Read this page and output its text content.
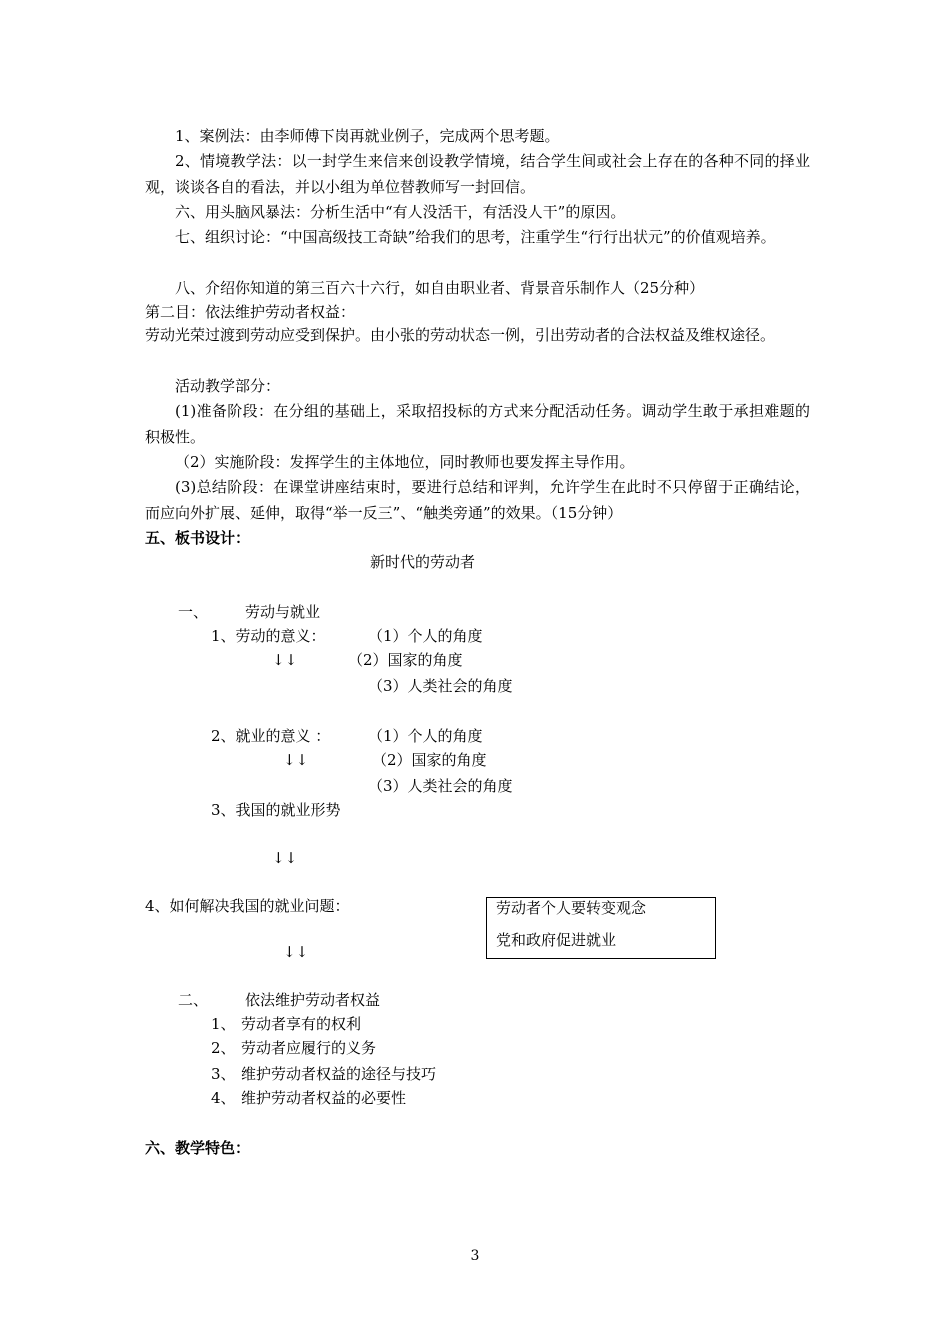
1、案例法：由李师傅下岗再就业例子，完成两个思考题。
2、情境教学法：以一封学生来信来创设教学情境，结合学生间或社会上存在的各种不同的择业观，谈谈各自的看法，并以小组为单位替教师写一封回信。
六、用头脑风暴法：分析生活中“有人没活干，有活没人干”的原因。
七、组织讨论：“中国高级技工奇缺”给我们的思考，注重学生“行行出状元”的价值观培养。
八、介绍你知道的第三百六十六行，如自由职业者、背景音乐制作人（25分种）
第二目：依法维护劳动者权益：
劳动光荣过渡到劳动应受到保护。由小张的劳动状态一例，引出劳动者的合法权益及维权途径。
活动教学部分：
(1)准备阶段：在分组的基础上，采取招投标的方式来分配活动任务。调动学生敢于承担难题的积极性。
（2）实施阶段：发挥学生的主体地位，同时教师也要发挥主导作用。
(3)总结阶段：在课堂讲座结束时，要进行总结和评判，允许学生在此时不只停留于正确结论，而应向外扩展、延伸，取得“举一反三”、“触类旁通”的效果。（15分钟）
五、板书设计：
新时代的劳动者
一、 劳动与就业
1、劳动的意义：	（1）个人的角度
↓↓	（2）国家的角度
（3）人类社会的角度
2、就业的意义 ：	（1）个人的角度
↓↓	（2）国家的角度
（3）人类社会的角度
3、我国的就业形势
↓↓
4、如何解决我国的就业问题：	劳动者个人要转变观念
党和政府促进就业
↓↓
二、 依法维护劳动者权益
1、 劳动者享有的权利
2、 劳动者应履行的义务
3、 维护劳动者权益的途径与技巧
4、 维护劳动者权益的必要性
六、教学特色：
3
